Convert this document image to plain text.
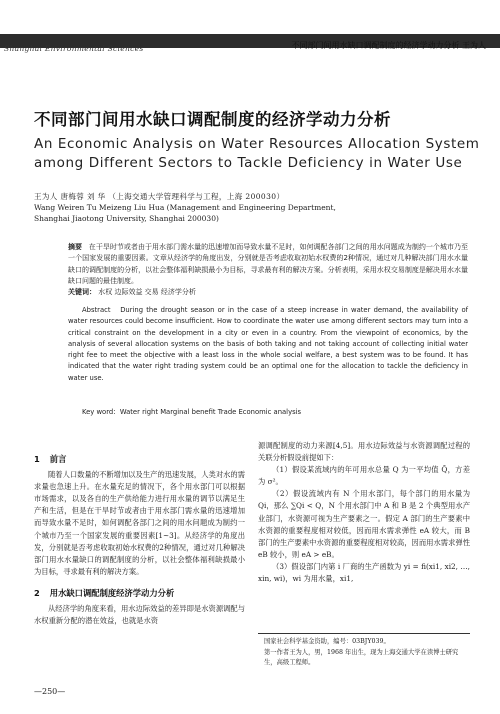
Shanghai Environmental Sciences	不同部门间用水缺口调配制度的经济学动力分析 王为人
不同部门间用水缺口调配制度的经济学动力分析
An Economic Analysis on Water Resources Allocation System
among Different Sectors to Tackle Deficiency in Water Use
王为人 唐梅蓉 刘 华 （上海交通大学管理科学与工程，上海 200030）
Wang Weiren Tu Meizeng Liu Hua (Management and Engineering Department,
Shanghai Jiaotong University, Shanghai 200030)
摘要 在干旱时节或者由于用水部门需水量的迅速增加而导致水量不足时，如何调配各部门之间的用水问题成为制约一个城市乃至一个国家发展的重要因素。文章从经济学的角度出发，分别就是否考虑收取初始水权费的2种情况，通过对几种解决部门用水水量缺口的调配制度的分析，以社会整体福利缺损最小为目标，寻求最有利的解决方案。分析表明，采用水权交易制度是解决用水水量缺口问题的最佳制度。
关键词： 水权 边际效益 交易 经济学分析
Abstract During the drought season or in the case of a steep increase in water demand, the availability of water resources could become insufficient. How to coordinate the water use among different sectors may turn into a critical constraint on the development in a city or even in a country. From the viewpoint of economics, by the analysis of several allocation systems on the basis of both taking and not taking account of collecting initial water right fee to meet the objective with a least loss in the whole social welfare, a best system was to be found. It has indicated that the water right trading system could be an optimal one for the allocation to tackle the deficiency in water use.
Key word: Water right Marginal benefit Trade Economic analysis
1 前言

随着人口数量的不断增加以及生产的迅速发展，人类对水的需求量也急速上升。在水量充足的情况下，各个用水部门可以根据市场需求，以及各自的生产供给能力进行用水量的调节以满足生产和生活，但是在干旱时节或者由于用水部门需水量的迅速增加而导致水量不足时，如何调配各部门之间的用水问题成为制约一个城市乃至一个国家发展的重要因素[1~3]。从经济学的角度出发，分别就是否考虑收取初始水权费的2种情况，通过对几种解决部门用水水量缺口的调配制度的分析，以社会整体福利缺损最小为目标，寻求最有利的解决方案。

2 用水缺口调配制度经济学动力分析

从经济学的角度来看，用水边际效益的差异即是水资源调配与水权重新分配的潜在效益，也就是水资

源调配制度的动力来源[4,5]。用水边际效益与水资源调配过程的关联分析假设前提如下：

（1）假设某流域内的年可用水总量 Q 为一平均值 Q̄，方差为 σ²。

（2）假设流域内有 N 个用水部门，每个部门的用水量为 Qi，那么 ∑Qi < Q，N 个用水部门中 A 和 B 是 2 个典型用水产业部门，水资源可视为生产要素之一。假定 A 部门的生产要素中水资源的重要程度相对较低，因而用水需求弹性 eA 较大，而 B 部门的生产要素中水资源的重要程度相对较高，因而用水需求弹性 eB 较小，则 eA > eB。

（3）假设部门内第 i 厂商的生产函数为 yi = fi(xi1, xi2, …, xin, wi)，wi 为用水量，xi1,

国家社会科学基金资助，编号：03BJY039。
第一作者王为人，男，1968 年出生，现为上海交通大学在读博士研究生，高级工程师。
—250—
